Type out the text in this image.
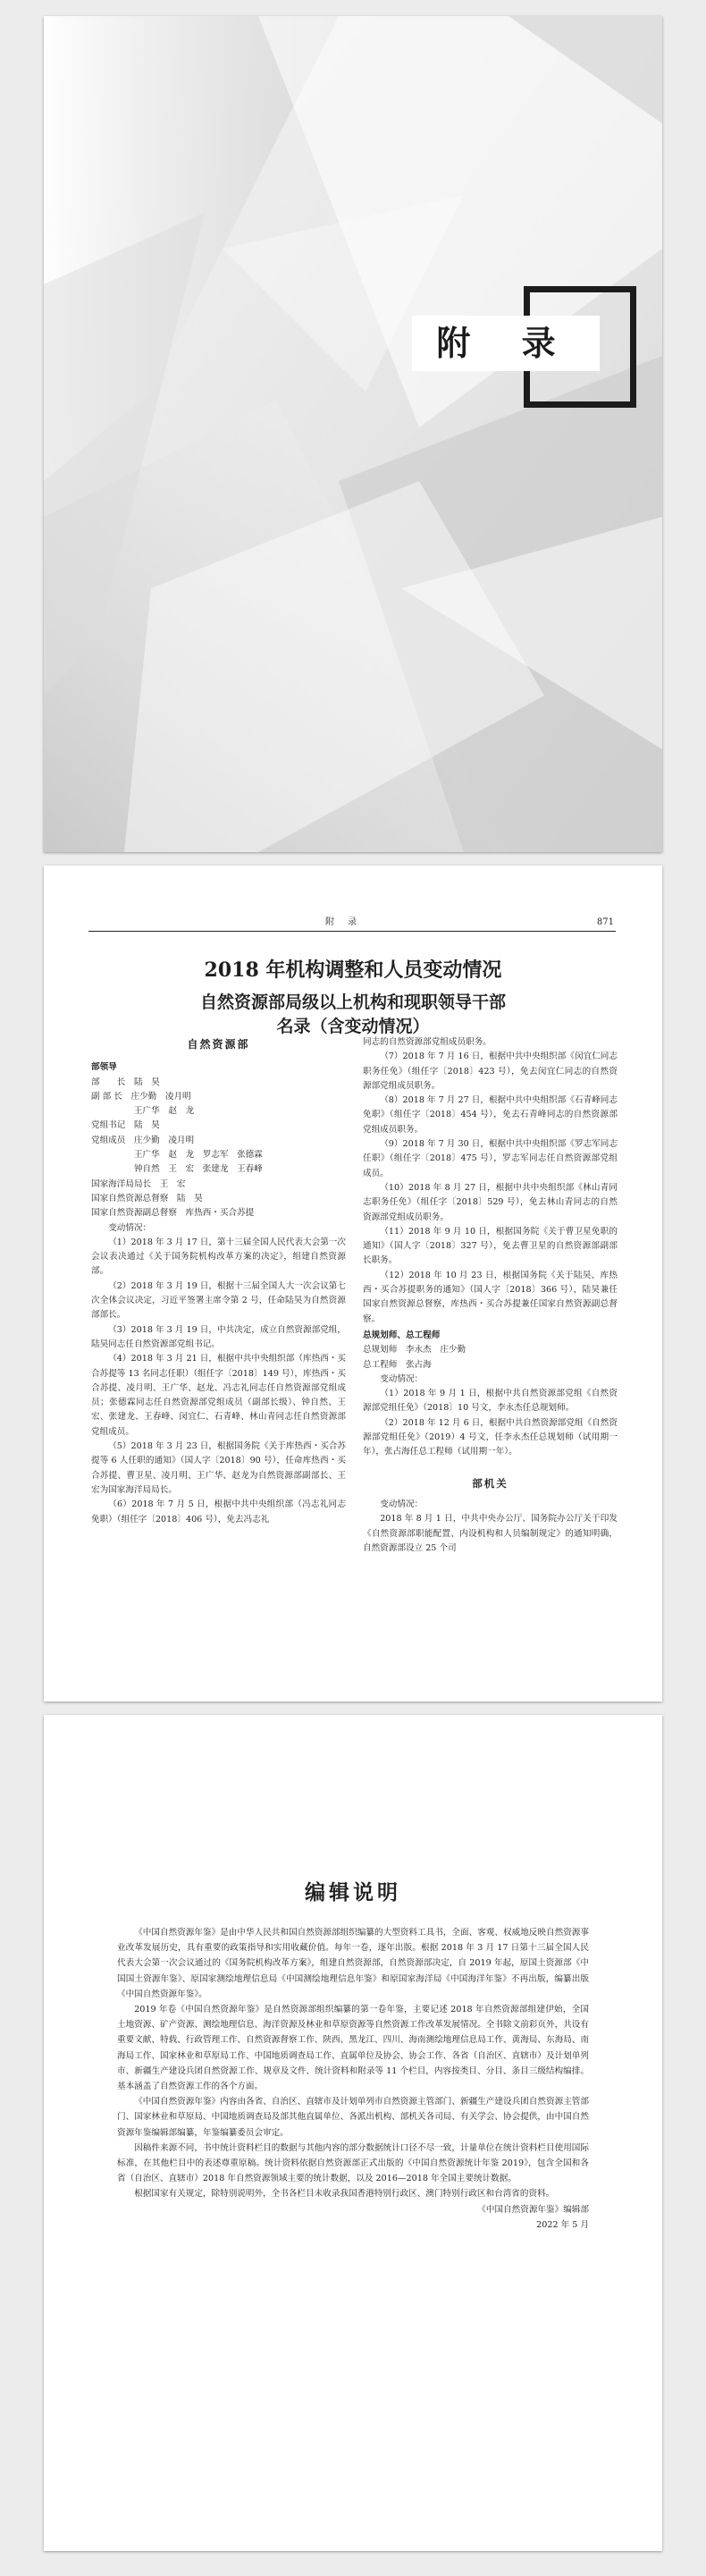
附 录
附 录	871
2018 年机构调整和人员变动情况
自然资源部局级以上机构和现职领导干部
名录（含变动情况）
自然资源部
部领导
部　　长　陆　昊
副 部 长　庄少勤　凌月明
　　　　　王广华　赵　龙
党组书记　陆　昊
党组成员　庄少勤　凌月明
　　　　　王广华　赵　龙　罗志军　张德霖
　　　　　钟自然　王　宏　张建龙　王春峰
国家海洋局局长　王　宏
国家自然资源总督察　陆　昊
国家自然资源副总督察　库热西・买合苏提

变动情况：

（1）2018 年 3 月 17 日，第十三届全国人民代表大会第一次会议表决通过《关于国务院机构改革方案的决定》，组建自然资源部。

（2）2018 年 3 月 19 日，根据十三届全国人大一次会议第七次全体会议决定，习近平签署主席令第 2 号，任命陆昊为自然资源部部长。

（3）2018 年 3 月 19 日，中共决定，成立自然资源部党组，陆昊同志任自然资源部党组书记。

（4）2018 年 3 月 21 日，根据中共中央组织部（库热西・买合苏提等 13 名同志任职）（组任字〔2018〕149 号），库热西・买合苏提、凌月明、王广华、赵龙、冯志礼同志任自然资源部党组成员；张德霖同志任自然资源部党组成员（副部长级）、钟自然、王宏、张建龙、王春峰、闵宜仁、石青峰、林山青同志任自然资源部党组成员。

（5）2018 年 3 月 23 日，根据国务院《关于库热西・买合苏提等 6 人任职的通知》（国人字〔2018〕90 号），任命库热西・买合苏提、曹卫星、凌月明、王广华、赵龙为自然资源部副部长、王宏为国家海洋局局长。

（6）2018 年 7 月 5 日，根据中共中央组织部（冯志礼同志免职）（组任字〔2018〕406 号），免去冯志礼

同志的自然资源部党组成员职务。

（7）2018 年 7 月 16 日，根据中共中央组织部《闵宜仁同志职务任免》（组任字〔2018〕423 号），免去闵宜仁同志的自然资源部党组成员职务。

（8）2018 年 7 月 27 日，根据中共中央组织部《石青峰同志免职》（组任字〔2018〕454 号），免去石青峰同志的自然资源部党组成员职务。

（9）2018 年 7 月 30 日，根据中共中央组织部《罗志军同志任职》（组任字〔2018〕475 号），罗志军同志任自然资源部党组成员。

（10）2018 年 8 月 27 日，根据中共中央组织部《林山青同志职务任免》（组任字〔2018〕529 号），免去林山青同志的自然资源部党组成员职务。

（11）2018 年 9 月 10 日，根据国务院《关于曹卫星免职的通知》（国人字〔2018〕327 号），免去曹卫星的自然资源部副部长职务。

（12）2018 年 10 月 23 日，根据国务院《关于陆昊、库热西・买合苏提职务的通知》（国人字〔2018〕366 号），陆昊兼任国家自然资源总督察，库热西・买合苏提兼任国家自然资源副总督察。

总规划师、总工程师
总规划师　李永杰　庄少勤
总工程师　张占海

变动情况：

（1）2018 年 9 月 1 日，根据中共自然资源部党组《自然资源部党组任免》（2018〕10 号文，李永杰任总规划师。

（2）2018 年 12 月 6 日，根据中共自然资源部党组《自然资源部党组任免》（2019）4 号文，任李永杰任总规划师（试用期一年），张占海任总工程师（试用期一年）。

部机关

变动情况：

2018 年 8 月 1 日，中共中央办公厅、国务院办公厅关于印发《自然资源部职能配置、内设机构和人员编制规定》的通知明确，自然资源部设立 25 个司

编辑说明

《中国自然资源年鉴》是由中华人民共和国自然资源部组织编纂的大型资料工具书，全面、客观、权威地反映自然资源事业改革发展历史，具有重要的政策指导和实用收藏价值。每年一卷，逐年出版。根据 2018 年 3 月 17 日第十三届全国人民代表大会第一次会议通过的《国务院机构改革方案》，组建自然资源部，自然资源部决定，自 2019 年起，原国土资源部《中国国土资源年鉴》、原国家测绘地理信息局《中国测绘地理信息年鉴》和原国家海洋局《中国海洋年鉴》不再出版，编纂出版《中国自然资源年鉴》。

2019 年卷《中国自然资源年鉴》是自然资源部组织编纂的第一卷年鉴，主要记述 2018 年自然资源部组建伊始，全国土地资源、矿产资源、测绘地理信息、海洋资源及林业和草原资源等自然资源工作改革发展情况。全书除文前彩页外，共设有重要文献、特载、行政管理工作、自然资源督察工作、陕西、黑龙江、四川、海南测绘地理信息局工作、黄海局、东海局、南海局工作、国家林业和草原局工作、中国地质调查局工作、直属单位及协会、协会工作、各省（自治区、直辖市）及计划单列市、新疆生产建设兵团自然资源工作、规章及文件、统计资料和附录等 11 个栏目，内容按类目、分目、条目三级结构编排。基本涵盖了自然资源工作的各个方面。

《中国自然资源年鉴》内容由各省、自治区、直辖市及计划单列市自然资源主管部门、新疆生产建设兵团自然资源主管部门、国家林业和草原局、中国地质调查局及部其他直属单位、各派出机构、部机关各司局、有关学会、协会提供，由中国自然资源年鉴编辑部编纂，年鉴编纂委员会审定。

因稿件来源不同，书中统计资料栏目的数据与其他内容的部分数据统计口径不尽一致，计量单位在统计资料栏目使用国际标准，在其他栏目中的表述尊重原稿。统计资料依据自然资源部正式出版的《中国自然资源统计年鉴 2019》，包含全国和各省（自治区、直辖市）2018 年自然资源领域主要的统计数据，以及 2016—2018 年全国主要统计数据。

根据国家有关规定，除特别说明外，全书各栏目未收录我国香港特别行政区、澳门特别行政区和台湾省的资料。

《中国自然资源年鉴》编辑部
2022 年 5 月
